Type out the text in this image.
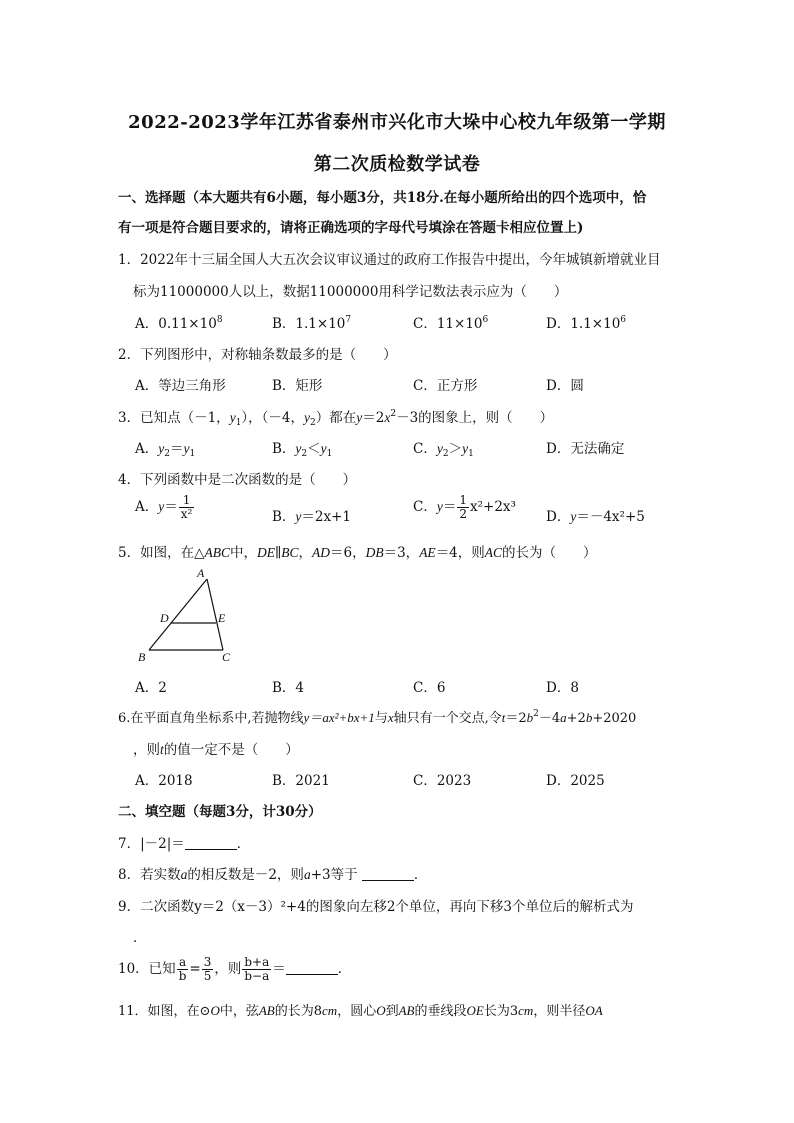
2022-2023学年江苏省泰州市兴化市大垛中心校九年级第一学期
第二次质检数学试卷
一、选择题（本大题共有6小题，每小题3分，共18分.在每小题所给出的四个选项中，恰
有一项是符合题目要求的，请将正确选项的字母代号填涂在答题卡相应位置上)
1．2022年十三届全国人大五次会议审议通过的政府工作报告中提出，今年城镇新增就业目
标为11000000人以上，数据11000000用科学记数法表示应为（　　）
A．$0.11\times 10^8$	B．$1.1\times 10^7$	C．$11\times 10^6$	D．$1.1\times 10^6$
2．下列图形中，对称轴条数最多的是（　　）
A．等边三角形	B．矩形	C．正方形	D．圆
3．已知点（－1，$y_1$），（－4，$y_2$）都在$y=2x^2-3$的图象上，则（　　）
A．$y_2=y_1$	B．$y_2<y_1$	C．$y_2>y_1$	D．无法确定
4．下列函数中是二次函数的是（　　）
A．$y= \frac{1}{\text{x²}}$	B．y＝2x+1
C．$y= \frac{1}{2} x^2+2x^3$
D．y＝－4x²+5
5．如图，在△ABC中，DE∥BC，AD＝6，DB＝3，AE＝4，则AC的长为（　　）
A
D	E
B	C
A．2	B．4	C．6	D．8
6.在平面直角坐标系中,若抛物线y＝ax²+bx+1与x轴只有一个交点,令$t=2b^2-4a+2b+2020$
，则t的值一定不是（　　）
A．2018	B．2021	C．2023	D．2025
二、填空题（每题3分，计30分）
7．|－2|＝	．
8．若实数a的相反数是－2，则a+3等于	．
9．二次函数y＝2（x－3）²+4的图象向左移2个单位，再向下移3个单位后的解析式为
．
10．已知 $\frac{a}{b} = \frac{3}{5}$ ，则 $\frac{b+a}{b-a}$ ＝	．
11．如图，在⊙O中，弦AB的长为8cm，圆心O到AB的垂线段OE长为3cm，则半径OA
